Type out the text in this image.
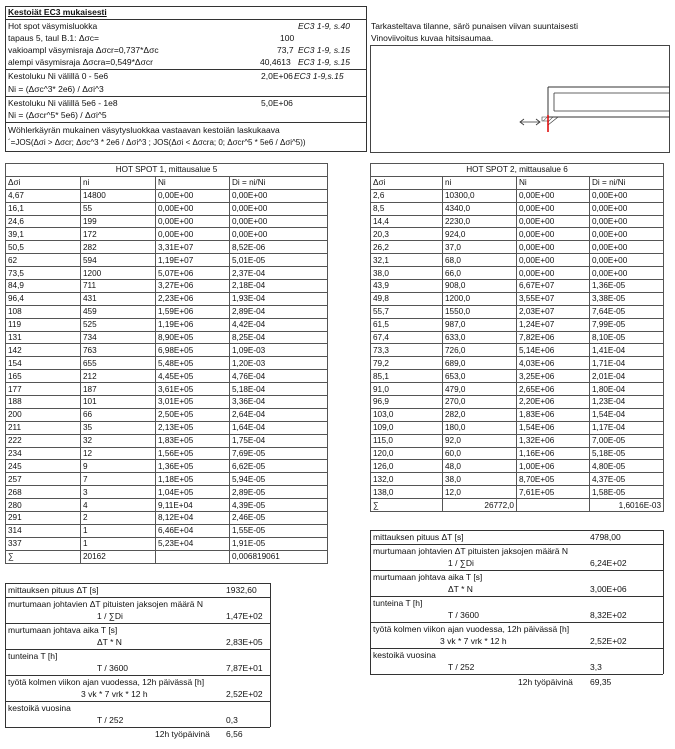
Kestoiät EC3 mukaisesti
Hot spot väsymisluokka	EC3 1-9, s.40
tapaus 5, taul B.1: Δσc=	100
vakioampl väsymisraja Δσcr=0,737*Δσc	73,7 EC3 1-9, s.15
alempi väsymisraja Δσcra=0,549*Δσcr	40,4613 EC3 1-9, s.15
Kestoluku Ni välillä 0 - 5e6	2,0E+06 EC3 1-9,s.15
Ni = (Δσc^3* 2e6) / Δσi^3
Kestoluku Ni välillä 5e6 - 1e8	5,0E+06
Ni = (Δσcr^5* 5e6) / Δσi^5
Wöhlerkäyrän mukainen väsytysluokkaa vastaavan kestoiän laskukaava
´=JOS(Δσi > Δσcr; Δσc^3 * 2e6 / Δσi^3 ; JOS(Δσi < Δσcra; 0; Δσcr^5 * 5e6 / Δσi^5))
Tarkasteltava tilanne, särö punaisen viivan suuntaisesti
Vinoviivoitus kuvaa hitsisaumaa.
HOT SPOT 1, mittausalue 5			
Δσi	ni	Ni	Di = ni/Ni
4,67	14800	0,00E+00	0,00E+00
16,1	55	0,00E+00	0,00E+00
24,6	199	0,00E+00	0,00E+00
39,1	172	0,00E+00	0,00E+00
50,5	282	3,31E+07	8,52E-06
62	594	1,19E+07	5,01E-05
73,5	1200	5,07E+06	2,37E-04
84,9	711	3,27E+06	2,18E-04
96,4	431	2,23E+06	1,93E-04
108	459	1,59E+06	2,89E-04
119	525	1,19E+06	4,42E-04
131	734	8,90E+05	8,25E-04
142	763	6,98E+05	1,09E-03
154	655	5,48E+05	1,20E-03
165	212	4,45E+05	4,76E-04
177	187	3,61E+05	5,18E-04
188	101	3,01E+05	3,36E-04
200	66	2,50E+05	2,64E-04
211	35	2,13E+05	1,64E-04
222	32	1,83E+05	1,75E-04
234	12	1,56E+05	7,69E-05
245	9	1,36E+05	6,62E-05
257	7	1,18E+05	5,94E-05
268	3	1,04E+05	2,89E-05
280	4	9,11E+04	4,39E-05
291	2	8,12E+04	2,46E-05
314	1	6,46E+04	1,55E-05
337	1	5,23E+04	1,91E-05
∑	20162		0,006819061
mittauksen pituus ΔT [s]	1932,60
murtumaan johtavien ΔT pituisten jaksojen määrä N
1 / ∑Di	1,47E+02
murtumaan johtava aika T [s]
ΔT * N	2,83E+05
tunteina T [h]
T / 3600	7,87E+01
työtä kolmen viikon ajan vuodessa, 12h päivässä [h]
3 vk * 7 vrk * 12 h	2,52E+02
kestoikä vuosina
T / 252	0,3
12h työpäivinä 6,56
HOT SPOT 2, mittausalue 6			
Δσi	ni	Ni	Di = ni/Ni
2,6	10300,0	0,00E+00	0,00E+00
8,5	4340,0	0,00E+00	0,00E+00
14,4	2230,0	0,00E+00	0,00E+00
20,3	924,0	0,00E+00	0,00E+00
26,2	37,0	0,00E+00	0,00E+00
32,1	68,0	0,00E+00	0,00E+00
38,0	66,0	0,00E+00	0,00E+00
43,9	908,0	6,67E+07	1,36E-05
49,8	1200,0	3,55E+07	3,38E-05
55,7	1550,0	2,03E+07	7,64E-05
61,5	987,0	1,24E+07	7,99E-05
67,4	633,0	7,82E+06	8,10E-05
73,3	726,0	5,14E+06	1,41E-04
79,2	689,0	4,03E+06	1,71E-04
85,1	653,0	3,25E+06	2,01E-04
91,0	479,0	2,65E+06	1,80E-04
96,9	270,0	2,20E+06	1,23E-04
103,0	282,0	1,83E+06	1,54E-04
109,0	180,0	1,54E+06	1,17E-04
115,0	92,0	1,32E+06	7,00E-05
120,0	60,0	1,16E+06	5,18E-05
126,0	48,0	1,00E+06	4,80E-05
132,0	38,0	8,70E+05	4,37E-05
138,0	12,0	7,61E+05	1,58E-05
∑	26772,0		1,6016E-03
mittauksen pituus ΔT [s]	4798,00
murtumaan johtavien ΔT pituisten jaksojen määrä N
1 / ∑Di	6,24E+02
murtumaan johtava aika T [s]
ΔT * N	3,00E+06
tunteina T [h]
T / 3600	8,32E+02
työtä kolmen viikon ajan vuodessa, 12h päivässä [h]
3 vk * 7 vrk * 12 h	2,52E+02
kestoikä vuosina
T / 252	3,3
12h työpäivinä 69,35
